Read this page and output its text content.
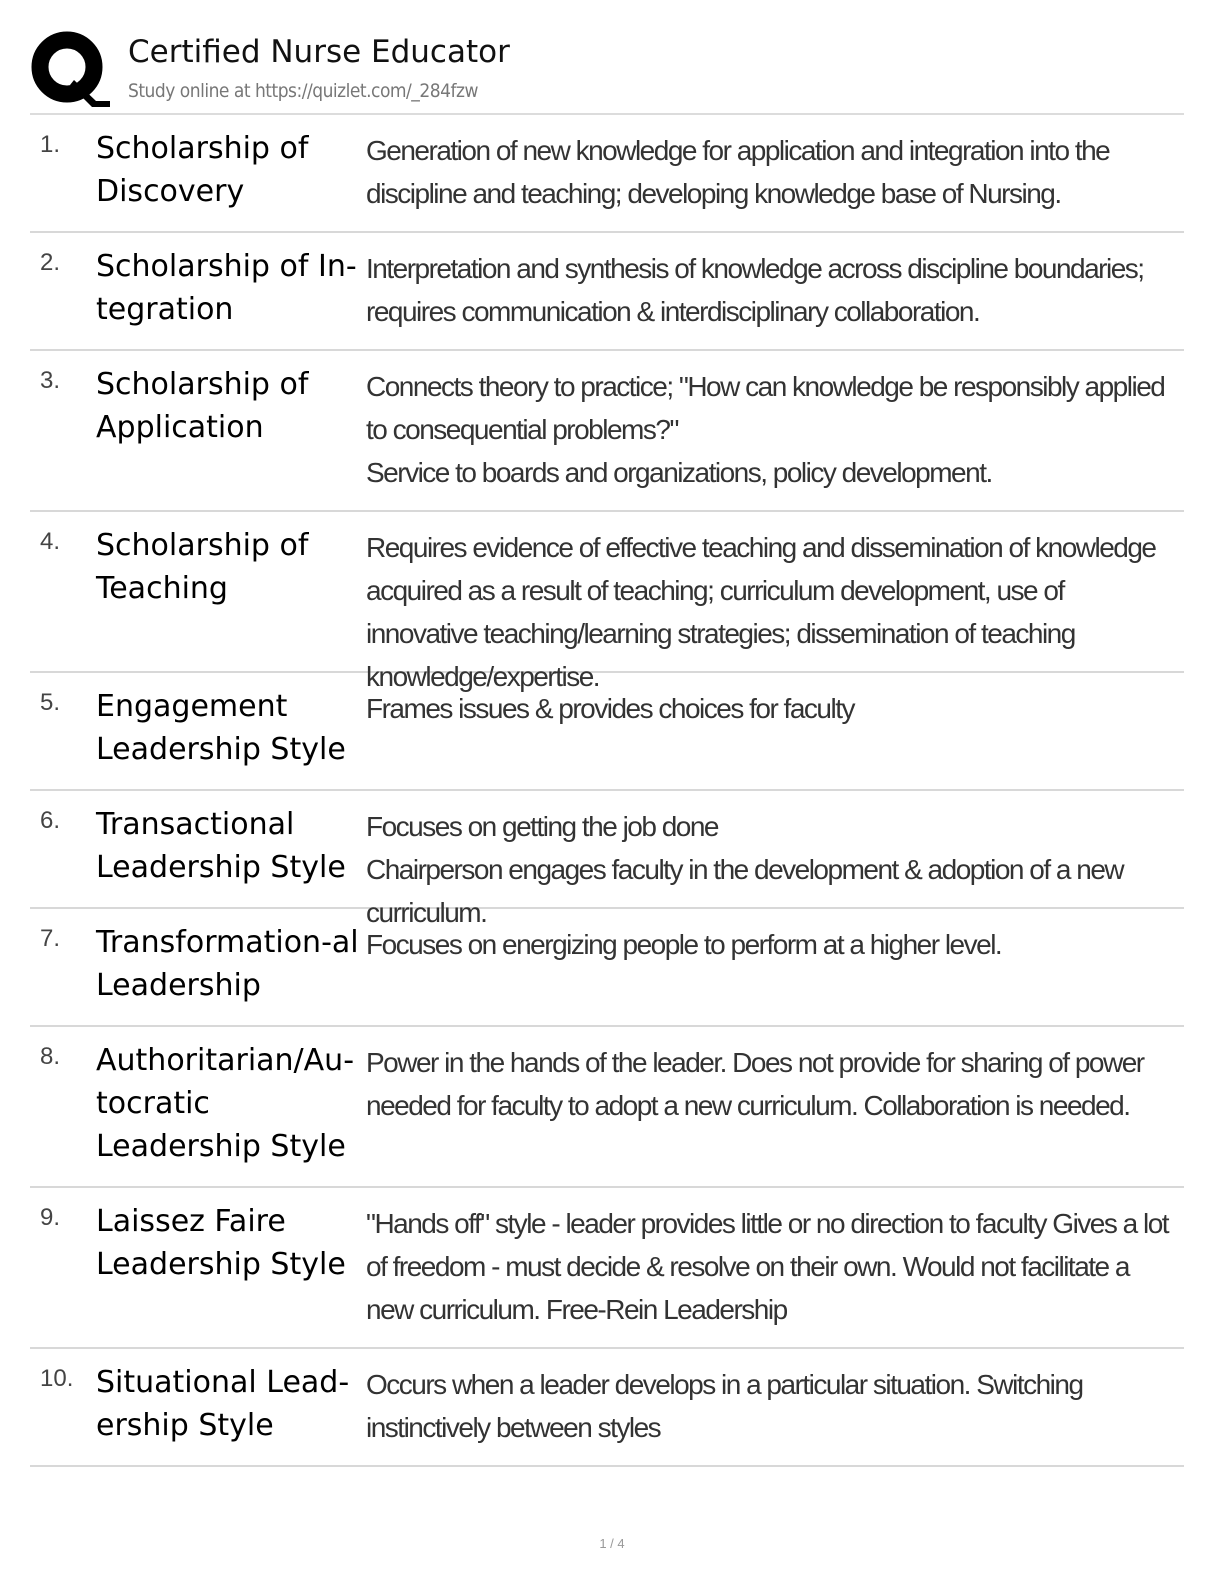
Certified Nurse Educator
Study online at https://quizlet.com/_284fzw
1. Scholarship of Discovery
Generation of new knowledge for application and integration into the discipline and teaching; developing knowledge base of Nursing.
2. Scholarship of In-tegration
Interpretation and synthesis of knowledge across discipline boundaries; requires communication & interdisciplinary collaboration.
3. Scholarship of Application
Connects theory to practice; "How can knowledge be responsibly applied to consequential problems?"
Service to boards and organizations, policy development.
4. Scholarship of Teaching
Requires evidence of effective teaching and dissemination of knowledge acquired as a result of teaching; curriculum development, use of innovative teaching/learning strategies; dissemination of teaching knowledge/expertise.
5. Engagement Leadership Style
Frames issues & provides choices for faculty
6. Transactional Leadership Style
Focuses on getting the job done
Chairperson engages faculty in the development & adoption of a new curriculum.
7. Transformation-al Leadership
Focuses on energizing people to perform at a higher level.
8. Authoritarian/Au-tocratic Leadership Style
Power in the hands of the leader. Does not provide for sharing of power needed for faculty to adopt a new curriculum. Collaboration is needed.
9. Laissez Faire Leadership Style
"Hands off" style - leader provides little or no direction to faculty Gives a lot of freedom - must decide & resolve on their own. Would not facilitate a new curriculum. Free-Rein Leadership
10. Situational Lead-ership Style
Occurs when a leader develops in a particular situation. Switching instinctively between styles
1 / 4
